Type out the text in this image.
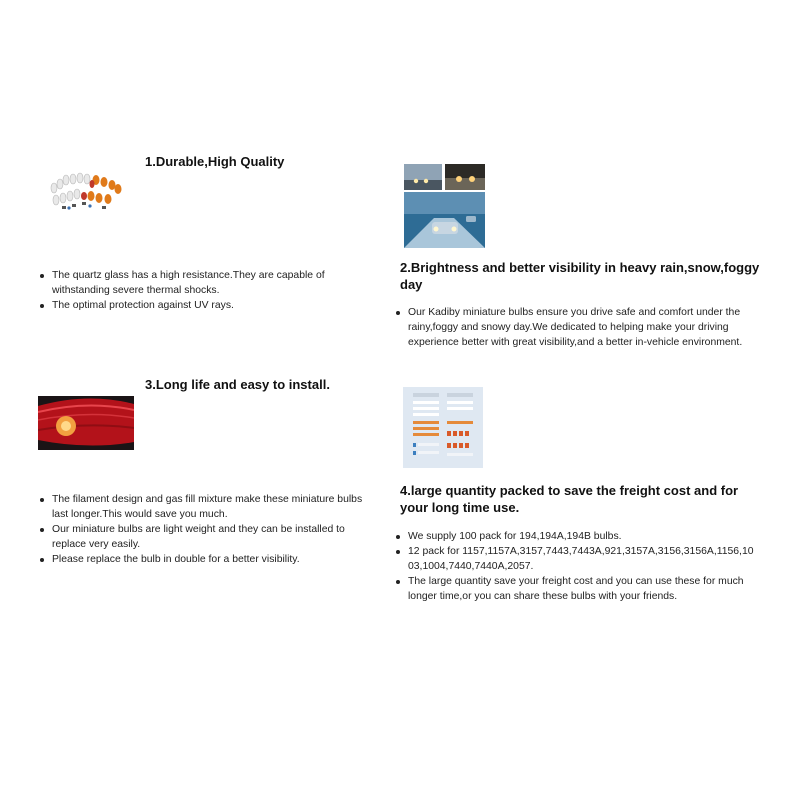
1.Durable,High Quality
The quartz glass has a high resistance.They are capable of withstanding severe thermal shocks.
The optimal protection against UV rays.
2.Brightness and better visibility in heavy rain,snow,foggy day
Our Kadiby miniature bulbs ensure you drive safe and comfort under the rainy,foggy and snowy day.We dedicated to helping make your driving experience better with great visibility,and a better in-vehicle environment.
3.Long life and easy to install.
The filament design and gas fill mixture make these miniature bulbs last longer.This would save you much.
Our miniature bulbs are light weight and they can be installed to replace very easily.
Please replace the bulb in double for a better visibility.
4.large quantity packed to save the freight cost and for your long time use.
We supply 100 pack for 194,194A,194B bulbs.
12 pack for 1157,1157A,3157,7443,7443A,921,3157A,3156,3156A,1156,1003,1004,7440,7440A,2057.
The large quantity save your freight cost and you can use these for much longer time,or you can share these bulbs with your friends.
